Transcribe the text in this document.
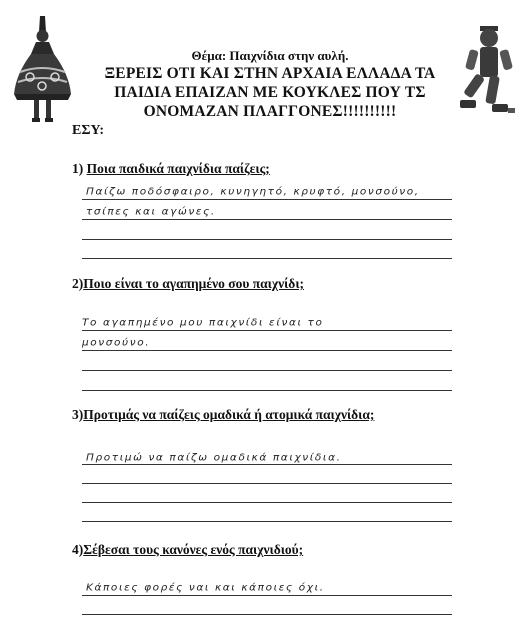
Θέμα: Παιχνίδια στην αυλή.
ΞΕΡΕΙΣ ΟΤΙ ΚΑΙ ΣΤΗΝ ΑΡΧΑΙΑ ΕΛΛΑΔΑ ΤΑ
ΠΑΙΔΙΑ ΕΠΑΙΖΑΝ ΜΕ ΚΟΥΚΛΕΣ ΠΟΥ ΤΣ
ΟΝΟΜΑΖΑΝ ΠΛΑΓΓΟΝΕΣ!!!!!!!!!!
ΕΣΥ:
1) Ποια παιδικά παιχνίδια παίζεις;
Παίζω ποδόσφαιρο, κυνηγητό, κρυφτό, μονσούνο,
τσίπες και αγώνες.
2)Ποιο είναι το αγαπημένο σου παιχνίδι;
Το αγαπημένο μου παιχνίδι είναι το
μονσούνο.
3)Προτιμάς να παίζεις ομαδικά ή ατομικά παιχνίδια;
Προτιμώ να παίζω ομαδικά παιχνίδια.
4)Σέβεσαι τους κανόνες ενός παιχνιδιού;
Κάποιες φορές ναι και κάποιες όχι.
